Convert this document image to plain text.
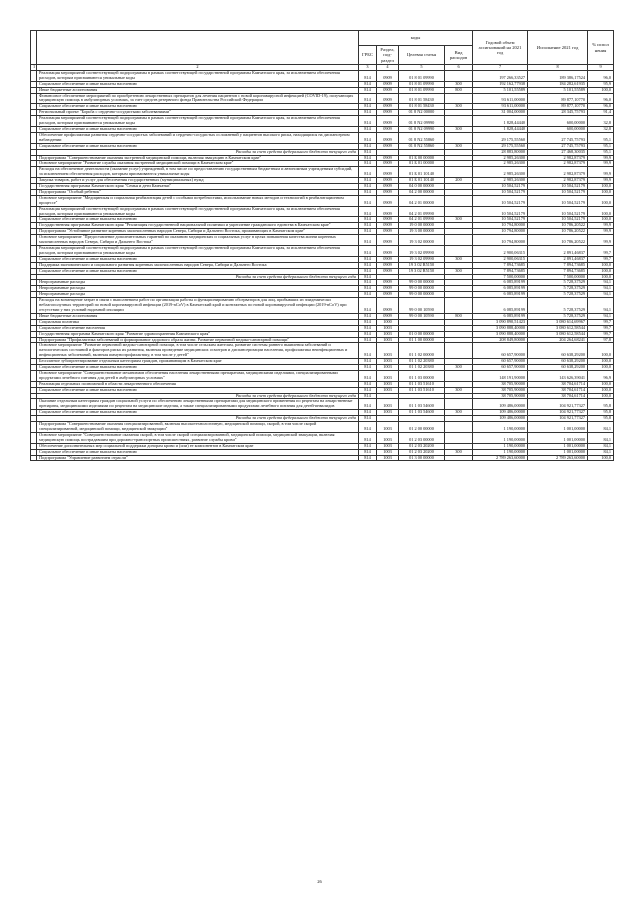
		коды				Годовой объем ассигнований на 2021 год	Исполнение 2021 год	% испол нения
		ГРБС	Раздел, под-раздел	Целевая статья	Вид расходов			
1	2	3	4	5	6	7	8	9
	Реализация мероприятий соответствующей подпрограммы в рамках соответствующей государственной программы Камчатского края, за исключением обеспечения расходов, которым присваиваются уникальные коды	814	0909	01 8 01 09990		197 266,33527	189 386,17524	96,0
	Социальное обеспечение и иные выплаты населению	814	0909	01 8 01 09990	300	192 162,77938	184 282,61935	95,9
	Иные бюджетные ассигнования	814	0909	01 8 01 09990	800	5 101,55589	5 101,55589	100,0
	Финансовое обеспечение мероприятий по приобретению лекарственных препаратов для лечения пациентов с новой коронавирусной инфекцией (COVID-19), получающих медицинскую помощь в амбулаторных условиях, за счет средств резервного фонда Правительства Российской Федерации	814	0909	01 8 01 58430		93 611,00000	89 877,10770	96,0
	Социальное обеспечение и иные выплаты населению	814	0909	01 8 01 58430	300	93 611,00000	89 877,10770	96,0
	Региональный проект "Борьба с сердечно-сосудистыми заболеваниями"	814	0909	01 8 N2 00000		31 004,00000	28 345,75793	91,4
	Реализация мероприятий соответствующей подпрограммы в рамках соответствующей государственной программы Камчатского края, за исключением обеспечения расходов, которым присваиваются уникальные коды	814	0909	01 8 N2 09990		1 828,44440	600,00000	32,8
	Социальное обеспечение и иные выплаты населению	814	0909	01 8 N2 09990	300	1 828,44440	600,00000	32,8
	Обеспечение профилактики развития сердечно-сосудистых заболеваний и сердечно-сосудистых осложнений у пациентов высокого риска, находящихся на диспансерном наблюдении	814	0909	01 8 N2 55860		29 175,55560	27 745,75793	95,1
	Социальное обеспечение и иные выплаты населению	814	0909	01 8 N2 55860	300	29 175,55560	27 745,75793	95,1
	Расходы за счет средств федерального бюджета текущего года	814				28 883,80000	27 468,30035	95,1
	Подпрограмма "Совершенствование оказания экстренной медицинской помощи, включая эвакуацию в Камчатском крае"	814	0909	01 Б 00 00000		2 985,26300	2 982,87379	99,9
	Основное мероприятие "Развитие службы оказания экстренной медицинской помощи в Камчатском крае"	814	0909	01 Б 01 00000		2 985,26300	2 982,87379	99,9
	Расходы на обеспечение деятельности (оказание услуг) учреждений, в том числе по предоставлению государственным бюджетным и автономным учреждениям субсидий, за исключением обеспечения расходов, которым присваиваются уникальные коды	814	0909	01 Б 01 10140		2 985,26300	2 982,87379	99,9
	Закупка товаров, работ и услуг для обеспечения государственных (муниципальных) нужд	814	0909	01 Б 01 10140	200	2 985,26300	2 982,87379	99,9
	Государственная программа Камчатского края "Семья и дети Камчатки"	814	0909	04 0 00 00000		10 504,52179	10 504,52179	100,0
	Подпрограмма "Особый ребенок"	814	0909	04 2 00 00000		10 504,52179	10 504,52179	100,0
	Основное мероприятие "Медицинская и социальная реабилитация детей с особыми потребностями, использование новых методов и технологий в реабилитационном процессе"	814	0909	04 2 01 00000		10 504,52179	10 504,52179	100,0
	Реализация мероприятий соответствующей подпрограммы в рамках соответствующей государственной программы Камчатского края, за исключением обеспечения расходов, которым присваиваются уникальные коды	814	0909	04 2 01 09990		10 504,52179	10 504,52179	100,0
	Социальное обеспечение и иные выплаты населению	814	0909	04 2 01 09990	300	10 504,52179	10 504,52179	100,0
	Государственная программа Камчатского края "Реализация государственной национальной политики и укрепление гражданского единства в Камчатском крае"	814	0909	19 0 00 00000		10 794,80000	10 786,20522	99,9
	Подпрограмма "Устойчивое развитие коренных малочисленных народов Севера, Сибири и Дальнего Востока, проживающих в Камчатском крае"	814	0909	19 3 00 00000		10 794,80000	10 786,20522	99,9
	Основное мероприятие "Предоставление дополнительных гарантий по оказанию медицинских и социальных услуг в целях повышения качества жизни коренных малочисленных народов Севера, Сибири и Дальнего Востока"	814	0909	19 3 02 00000		10 794,80000	10 786,20522	99,9
	Реализация мероприятий соответствующей подпрограммы в рамках соответствующей государственной программы Камчатского края, за исключением обеспечения расходов, которым присваиваются уникальные коды	814	0909	19 3 02 09990		2 900,06315	2 891,46837	99,7
	Социальное обеспечение и иные выплаты населению	814	0909	19 3 02 09990	300	2 900,06315	2 891,46837	99,7
	Поддержка экономического и социального развития коренных малочисленных народов Севера, Сибири и Дальнего Востока	814	0909	19 3 02 R5150		7 894,73685	7 894,73685	100,0
	Социальное обеспечение и иные выплаты населению	814	0909	19 3 02 R5150	300	7 894,73685	7 894,73685	100,0
	Расходы за счет средств федерального бюджета текущего года	814				7 500,00000	7 500,00000	100,0
	Непрограммные расходы	814	0909	99 0 00 00000		6 085,89199	5 728,37529	94,1
	Непрограммные расходы	814	0909	99 0 00 00000		6 085,89199	5 728,37529	94,1
	Непрограммные расходы	814	0909	99 0 00 00000		6 085,89199	5 728,37529	94,1
	Расходы на возмещение затрат в связи с выполнением работ по организации работы и функционированию обсерваторов для лиц, прибывших из эпидемически неблагополучных территорий по новой коронавирусной инфекции (2019-nCoV) в Камчатский край и контактных по новой коронавирусной инфекции (2019-nCoV) при отсутствии у них условий надомной изоляции	814	0909	99 0 00 10590		6 085,89199	5 728,37529	94,1
	Иные бюджетные ассигнования	814	0909	99 0 00 10590	800	6 085,89199	5 728,37529	94,1
	Социальная политика	814	1000			3 090 890,51423	3 080 614,69967	99,7
	Социальное обеспечение населения	814	1003			3 090 888,40000	3 080 612,58544	99,7
	Государственная программа Камчатского края "Развитие здравоохранения Камчатского края"	814	1003	01 0 00 00000		3 090 888,40000	3 080 612,58544	99,7
	Подпрограмма "Профилактика заболеваний и формирование здорового образа жизни. Развитие первичной медико-санитарной помощи"	814	1003	01 1 00 00000		208 849,80000	204 264,68241	97,8
	Основное мероприятие "Развитие первичной медико-санитарной помощи, в том числе сельским жителям, развитие системы раннего выявления заболеваний и патологических состояний и факторов риска их развития, включая проведение медицинских осмотров и диспансеризации населения, профилактика неинфекционных и инфекционных заболеваний, включая иммунопрофилактику, в том числе у детей"	814	1003	01 1 02 00000		60 657,90000	60 638,29200	100,0
	Бесплатное зубопротезирование отдельным категориям граждан, проживающим в Камчатском крае	814	1003	01 1 02 20380		60 657,90000	60 638,29200	100,0
	Социальное обеспечение и иные выплаты населению	814	1003	01 1 02 20380	300	60 657,90000	60 638,29200	100,0
	Основное мероприятие "Совершенствование механизмов обеспечения населения лекарственными препаратами, медицинскими изделиями, специализированными продуктами лечебного питания для детей в амбулаторных условиях"	814	1003	01 1 03 00000		148 191,90000	143 626,39041	96,9
	Реализация отдельных полномочий в области лекарственного обеспечения	814	1003	01 1 03 51610		38 705,90000	38 704,61714	100,0
	Социальное обеспечение и иные выплаты населению	814	1003	01 1 03 51610	300	38 705,90000	38 704,61714	100,0
	Расходы за счет средств федерального бюджета текущего года	814				38 705,90000	38 704,61714	100,0
	Оказание отдельным категориям граждан социальной услуги по обеспечению лекарственными препаратами для медицинского применения по рецептам на лекарственные препараты, медицинскими изделиями по рецептам на медицинские изделия, а также специализированными продуктами лечебного питания для детей-инвалидов	814	1003	01 1 03 54600		109 486,00000	104 921,77327	95,8
	Социальное обеспечение и иные выплаты населению	814	1003	01 1 03 54600	300	109 486,00000	104 921,77327	95,8
	Расходы за счет средств федерального бюджета текущего года	814				109 486,00000	104 921,77327	95,8
	Подпрограмма "Совершенствование оказания специализированной, включая высокотехнологичную, медицинской помощи, скорой, в том числе скорой специализированной, медицинской помощи, медицинской эвакуации"	814	1003	01 2 00 00000		1 190,00000	1 001,00000	84,1
	Основное мероприятие "Совершенствование оказания скорой, в том числе скорой специализированной, медицинской помощи, медицинской эвакуации, включая медицинскую помощь пострадавшим при дорожно-транспортных происшествиях, развитие службы крови"	814	1003	01 2 03 00000		1 190,00000	1 001,00000	84,1
	Обеспечение дополнительных мер социальной поддержки донорам крови и (или) ее компонентов в Камчатском крае	814	1003	01 2 03 20200		1 190,00000	1 001,00000	84,1
	Социальное обеспечение и иные выплаты населению	814	1003	01 2 03 20200	300	1 190,00000	1 001,00000	84,1
	Подпрограмма "Управление развитием отрасли"	814	1003	01 3 00 00000		2 789 263,60000	2 789 263,60000	100,0
26
